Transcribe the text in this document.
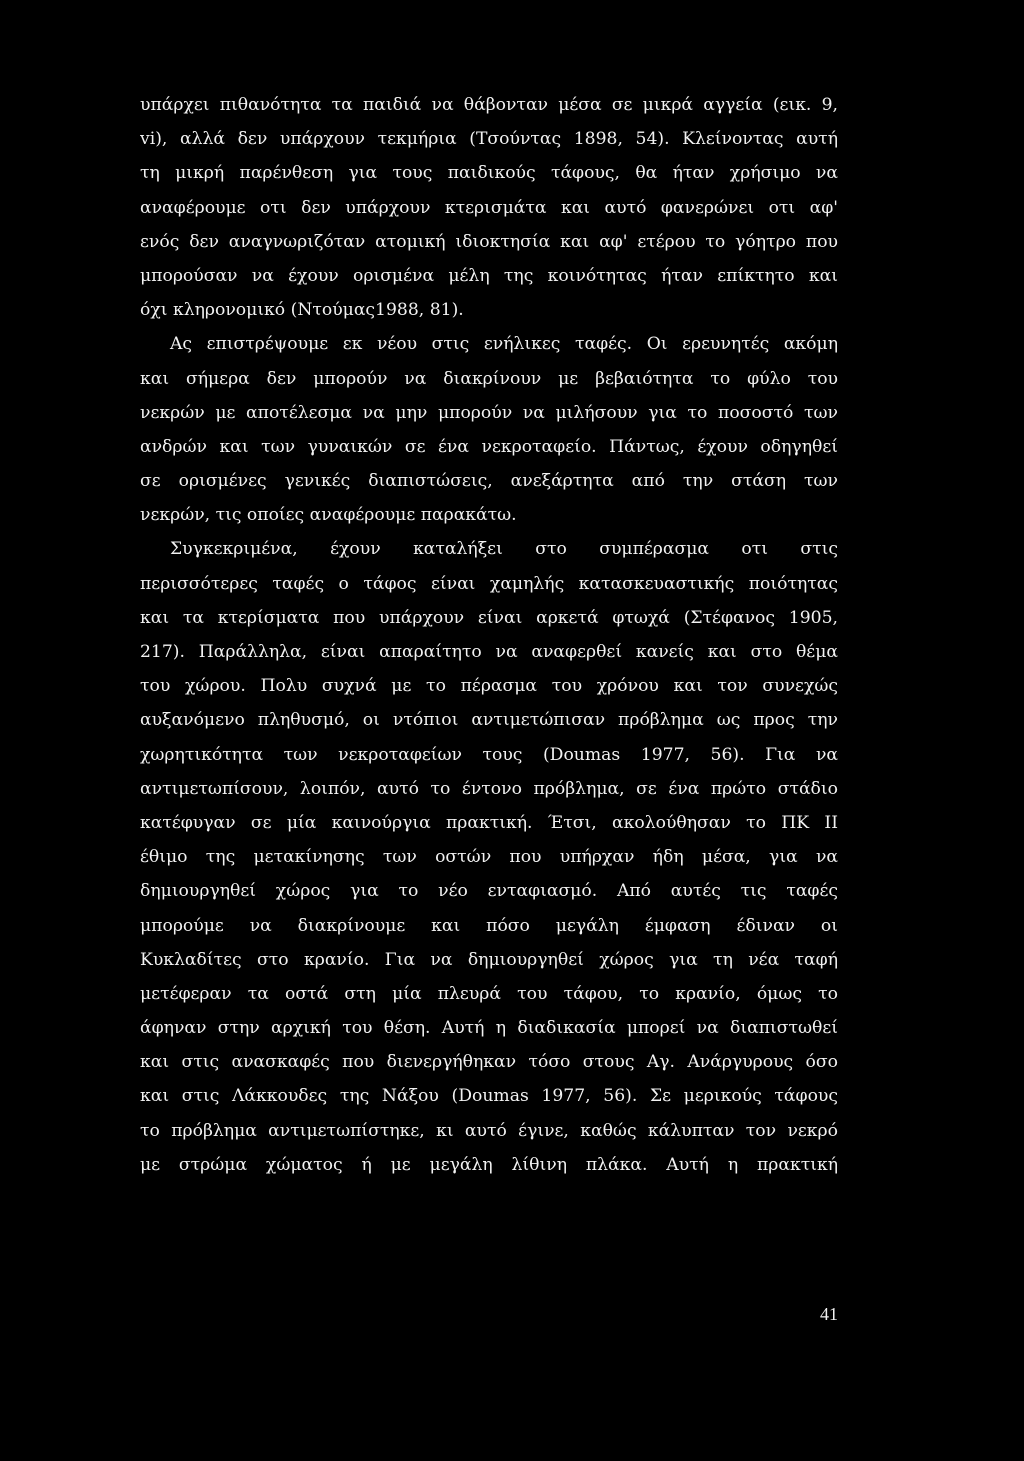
υπάρχει πιθανότητα τα παιδιά να θάβονταν μέσα σε μικρά αγγεία (εικ. 9,
vi), αλλά δεν υπάρχουν τεκμήρια (Τσούντας 1898, 54). Κλείνοντας αυτή
τη μικρή παρένθεση για τους παιδικούς τάφους, θα ήταν χρήσιμο να
αναφέρουμε οτι δεν υπάρχουν κτερισμάτα και αυτό φανερώνει οτι αφ'
ενός δεν αναγνωριζόταν ατομική ιδιοκτησία και αφ' ετέρου το γόητρο που
μπορούσαν να έχουν ορισμένα μέλη της κοινότητας ήταν επίκτητο και
όχι κληρονομικό (Ντούμας1988, 81).
Ας επιστρέψουμε εκ νέου στις ενήλικες ταφές. Οι ερευνητές ακόμη
και σήμερα δεν μπορούν να διακρίνουν με βεβαιότητα το φύλο του
νεκρών με αποτέλεσμα να μην μπορούν να μιλήσουν για το ποσοστό των
ανδρών και των γυναικών σε ένα νεκροταφείο. Πάντως, έχουν οδηγηθεί
σε ορισμένες γενικές διαπιστώσεις, ανεξάρτητα από την στάση των
νεκρών, τις οποίες αναφέρουμε παρακάτω.
Συγκεκριμένα, έχουν καταλήξει στο συμπέρασμα οτι στις
περισσότερες ταφές ο τάφος είναι χαμηλής κατασκευαστικής ποιότητας
και τα κτερίσματα που υπάρχουν είναι αρκετά φτωχά (Στέφανος 1905,
217). Παράλληλα, είναι απαραίτητο να αναφερθεί κανείς και στο θέμα
του χώρου. Πολυ συχνά με το πέρασμα του χρόνου και τον συνεχώς
αυξανόμενο πληθυσμό, οι ντόπιοι αντιμετώπισαν πρόβλημα ως προς την
χωρητικότητα των νεκροταφείων τους (Doumas 1977, 56). Για να
αντιμετωπίσουν, λοιπόν, αυτό το έντονο πρόβλημα, σε ένα πρώτο στάδιο
κατέφυγαν σε μία καινούργια πρακτική. Έτσι, ακολούθησαν το ΠΚ ΙΙ
έθιμο της μετακίνησης των οστών που υπήρχαν ήδη μέσα, για να
δημιουργηθεί χώρος για το νέο ενταφιασμό. Από αυτές τις ταφές
μπορούμε να διακρίνουμε και πόσο μεγάλη έμφαση έδιναν οι
Κυκλαδίτες στο κρανίο. Για να δημιουργηθεί χώρος για τη νέα ταφή
μετέφεραν τα οστά στη μία πλευρά του τάφου, το κρανίο, όμως το
άφηναν στην αρχική του θέση. Αυτή η διαδικασία μπορεί να διαπιστωθεί
και στις ανασκαφές που διενεργήθηκαν τόσο στους Αγ. Ανάργυρους όσο
και στις Λάκκουδες της Νάξου (Doumas 1977, 56). Σε μερικούς τάφους
το πρόβλημα αντιμετωπίστηκε, κι αυτό έγινε, καθώς κάλυπταν τον νεκρό
με στρώμα χώματος ή με μεγάλη λίθινη πλάκα. Αυτή η πρακτική
41
